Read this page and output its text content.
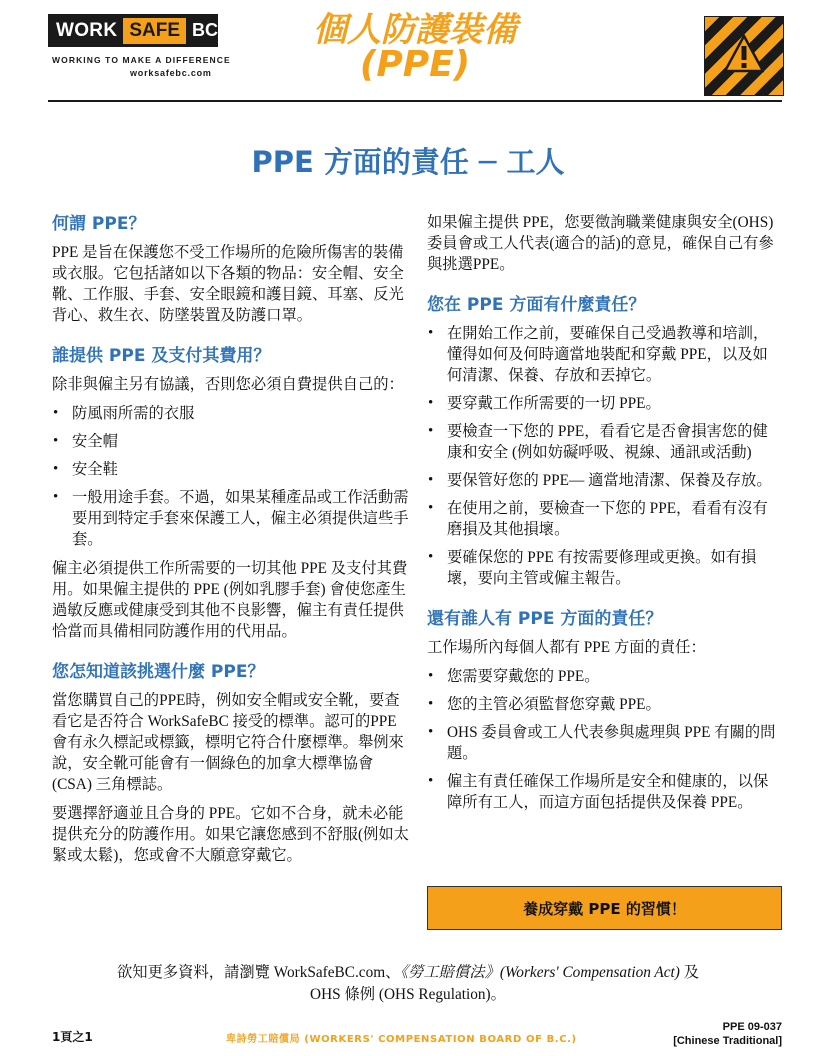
WORK SAFE BC
WORKING TO MAKE A DIFFERENCE
worksafebc.com
個人防護裝備
(PPE)
PPE 方面的責任 ─ 工人
何謂 PPE？

PPE 是旨在保護您不受工作場所的危險所傷害的裝備或衣服。它包括諸如以下各類的物品：安全帽、安全靴、工作服、手套、安全眼鏡和護目鏡、耳塞、反光背心、救生衣、防墜裝置及防護口罩。

誰提供 PPE 及支付其費用？

除非與僱主另有協議，否則您必須自費提供自己的：

• 防風雨所需的衣服
• 安全帽
• 安全鞋
• 一般用途手套。不過，如果某種產品或工作活動需要用到特定手套來保護工人，僱主必須提供這些手套。

僱主必須提供工作所需要的一切其他 PPE 及支付其費用。如果僱主提供的 PPE (例如乳膠手套) 會使您產生過敏反應或健康受到其他不良影響，僱主有責任提供恰當而具備相同防護作用的代用品。

您怎知道該挑選什麼 PPE？

當您購買自己的PPE時，例如安全帽或安全靴，要查看它是否符合 WorkSafeBC 接受的標準。認可的PPE會有永久標記或標籤，標明它符合什麼標準。舉例來說，安全靴可能會有一個綠色的加拿大標準協會 (CSA) 三角標誌。

要選擇舒適並且合身的 PPE。它如不合身，就未必能提供充分的防護作用。如果它讓您感到不舒服(例如太緊或太鬆)，您或會不大願意穿戴它。

如果僱主提供 PPE，您要徵詢職業健康與安全(OHS) 委員會或工人代表(適合的話)的意見，確保自己有參與挑選PPE。

您在 PPE 方面有什麼責任？
• 在開始工作之前，要確保自己受過教導和培訓，懂得如何及何時適當地裝配和穿戴 PPE，以及如何清潔、保養、存放和丟掉它。
• 要穿戴工作所需要的一切 PPE。
• 要檢查一下您的 PPE，看看它是否會損害您的健康和安全 (例如妨礙呼吸、視線、通訊或活動)
• 要保管好您的 PPE— 適當地清潔、保養及存放。
• 在使用之前，要檢查一下您的 PPE，看看有沒有磨損及其他損壞。
• 要確保您的 PPE 有按需要修理或更換。如有損壞，要向主管或僱主報告。
還有誰人有 PPE 方面的責任？

工作場所內每個人都有 PPE 方面的責任：

• 您需要穿戴您的 PPE。
• 您的主管必須監督您穿戴 PPE。
• OHS 委員會或工人代表參與處理與 PPE 有關的問題。
• 僱主有責任確保工作場所是安全和健康的，以保障所有工人，而這方面包括提供及保養 PPE。
養成穿戴 PPE 的習慣！
欲知更多資料，請瀏覽 WorkSafeBC.com、《勞工賠償法》(Workers' Compensation Act) 及
OHS 條例 (OHS Regulation)。
1頁之1	卑詩勞工賠償局 (WORKERS' COMPENSATION BOARD OF B.C.)
PPE 09-037
[Chinese Traditional]
